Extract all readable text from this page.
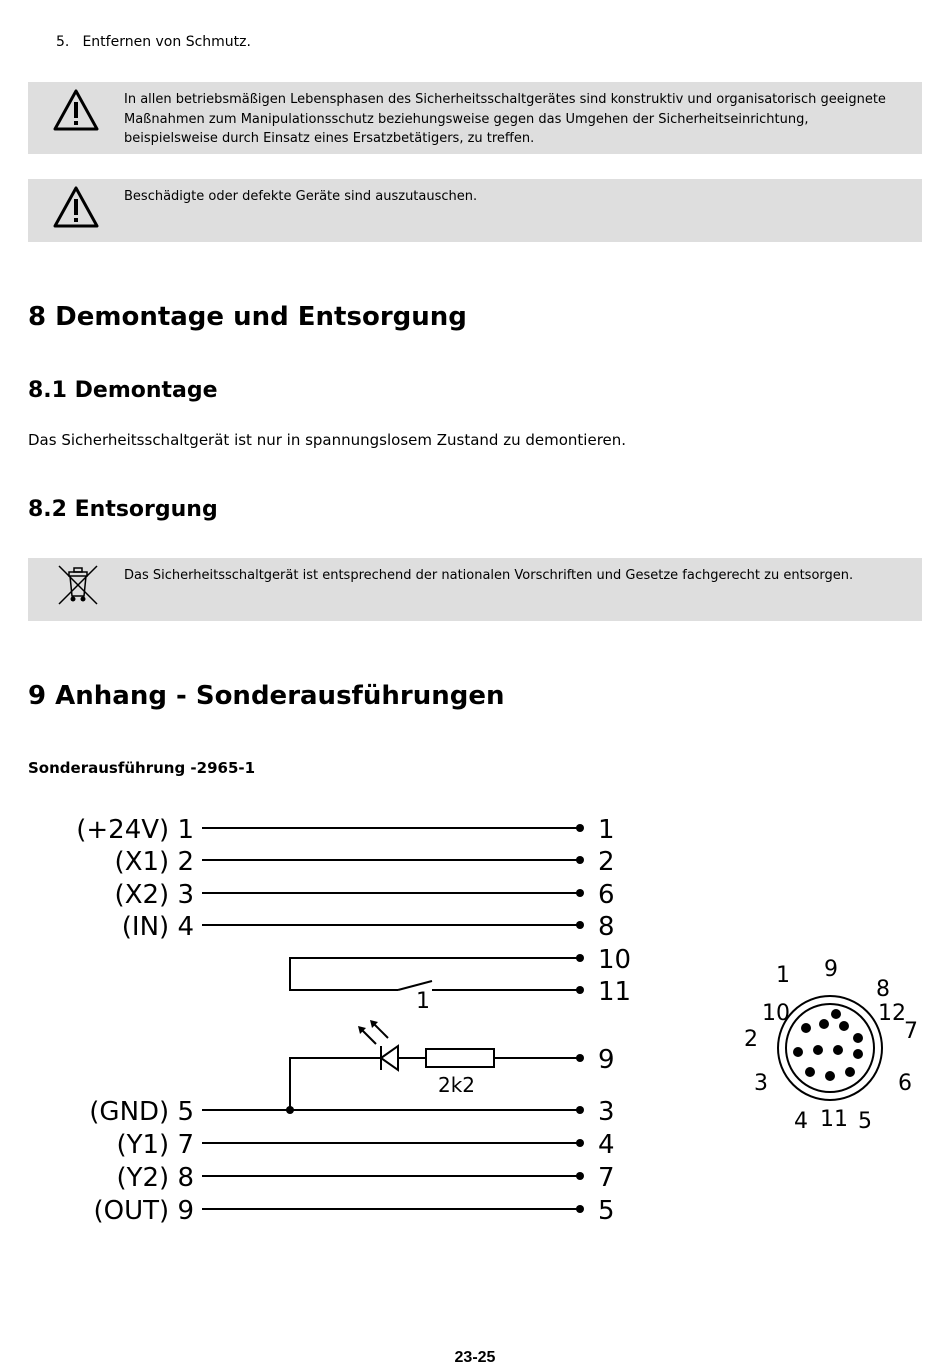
5. Entfernen von Schmutz.
In allen betriebsmäßigen Lebensphasen des Sicherheitsschaltgerätes sind konstruktiv und organisatorisch geeignete Maßnahmen zum Manipulationsschutz beziehungsweise gegen das Umgehen der Sicherheitseinrichtung, beispielsweise durch Einsatz eines Ersatzbetätigers, zu treffen.
Beschädigte oder defekte Geräte sind auszutauschen.
8 Demontage und Entsorgung
8.1 Demontage
Das Sicherheitsschaltgerät ist nur in spannungslosem Zustand zu demontieren.
8.2 Entsorgung
Das Sicherheitsschaltgerät ist entsprechend der nationalen Vorschriften und Gesetze fachgerecht zu entsorgen.
9 Anhang - Sonderausführungen
Sonderausführung -2965-1
1
2k2
(+24V) 1	1
(X1) 2	2
(X2) 3	6
(IN) 4	8
10
11
9
(GND) 5	3
(Y1) 7	4
(Y2) 8	7
(OUT) 9	5
1
2
3
4 5
6
7
8
9
10
11
12
23-25
